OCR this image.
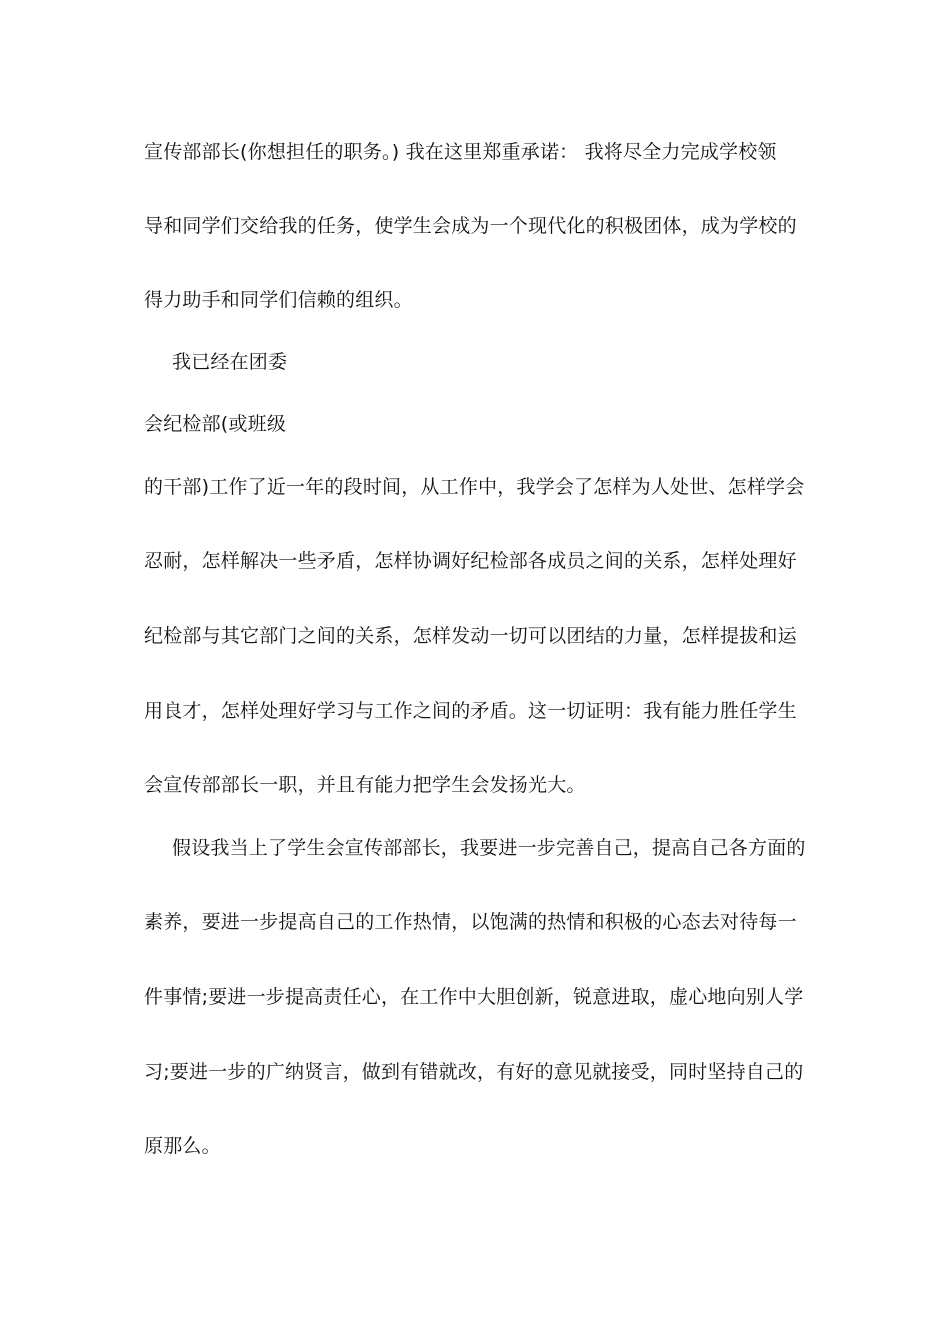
宣传部部长(你想担任的职务。) 我在这里郑重承诺： 我将尽全力完成学校领
导和同学们交给我的任务，使学生会成为一个现代化的积极团体，成为学校的
得力助手和同学们信赖的组织。
我已经在团委
会纪检部(或班级
的干部)工作了近一年的段时间，从工作中，我学会了怎样为人处世、怎样学会
忍耐，怎样解决一些矛盾，怎样协调好纪检部各成员之间的关系，怎样处理好
纪检部与其它部门之间的关系，怎样发动一切可以团结的力量，怎样提拔和运
用良才，怎样处理好学习与工作之间的矛盾。这一切证明：我有能力胜任学生
会宣传部部长一职，并且有能力把学生会发扬光大。
假设我当上了学生会宣传部部长，我要进一步完善自己，提高自己各方面的
素养，要进一步提高自己的工作热情，以饱满的热情和积极的心态去对待每一
件事情;要进一步提高责任心，在工作中大胆创新，锐意进取，虚心地向别人学
习;要进一步的广纳贤言，做到有错就改，有好的意见就接受，同时坚持自己的
原那么。
